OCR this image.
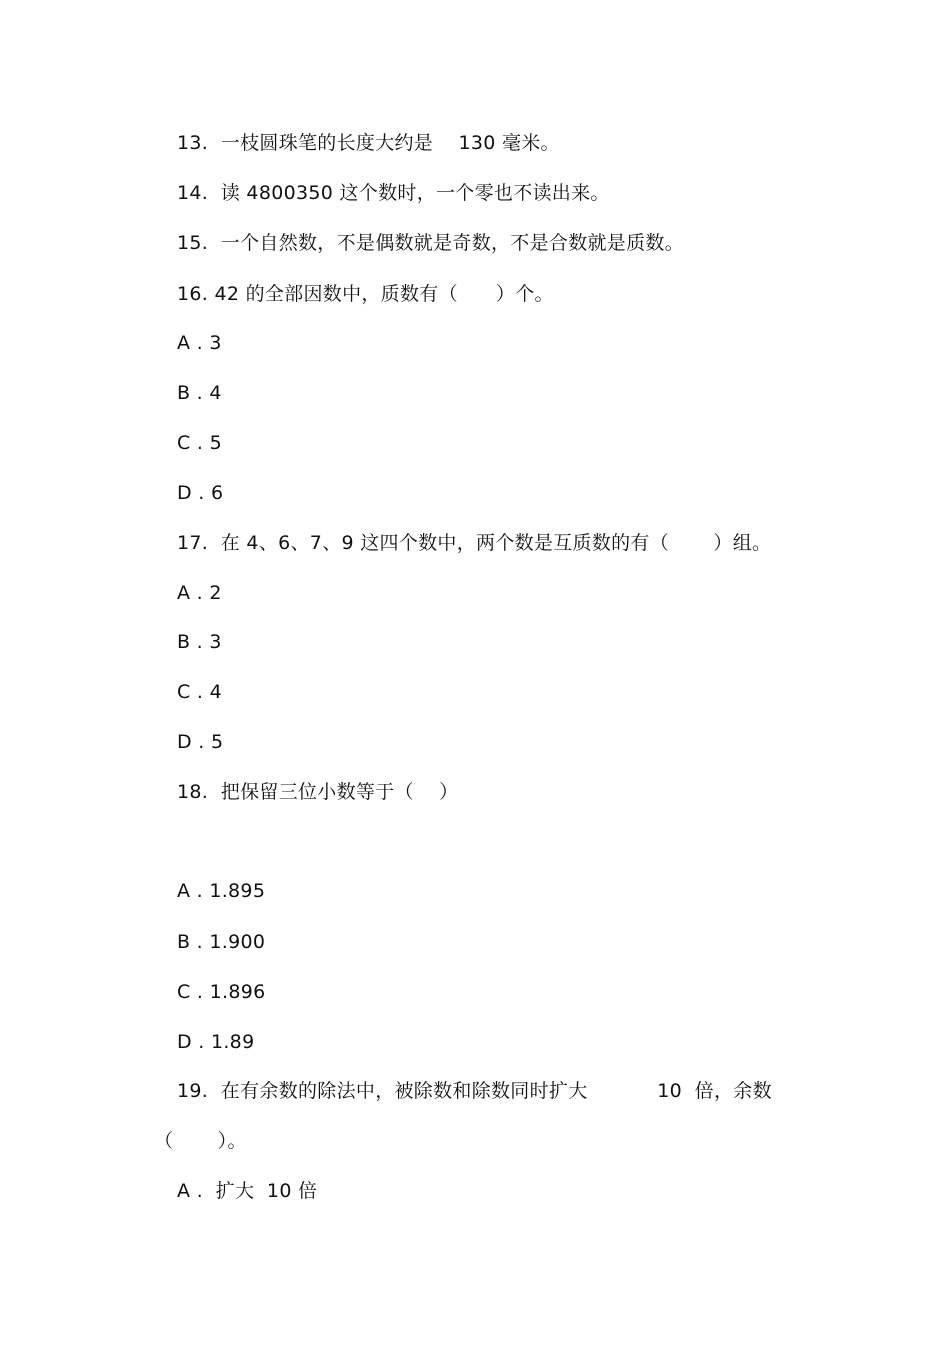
13.  一枝圆珠笔的长度大约是    130 毫米。
14.  读 4800350 这个数时，一个零也不读出来。
15.  一个自然数，不是偶数就是奇数，不是合数就是质数。
16. 42 的全部因数中，质数有（      ）个。
A . 3
B . 4
C . 5
D . 6
17.  在 4、6、7、9 这四个数中，两个数是互质数的有（       ）组。
A . 2
B . 3
C . 4
D . 5
18.  把保留三位小数等于（    ）
A . 1.895
B . 1.900
C . 1.896
D . 1.89
19.  在有余数的除法中，被除数和除数同时扩大           10  倍，余数
（       ）。
A .  扩大  10 倍
